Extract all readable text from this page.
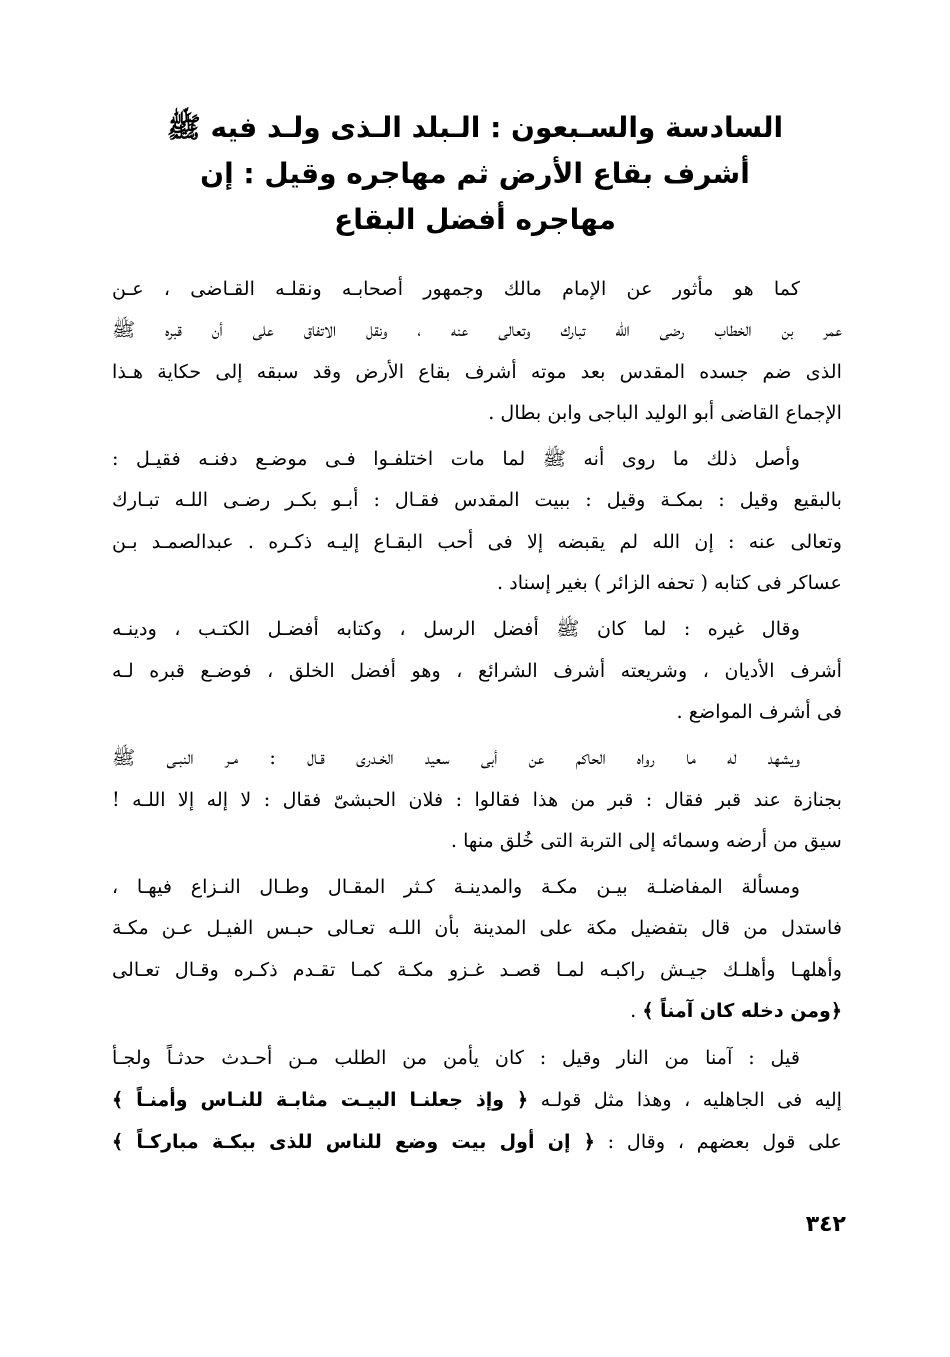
السادسة والسـبعون : الـبلد الـذى ولـد فيه ﷺ
أشرف بقاع الأرض ثم مهاجره وقيل : إن
مهاجره أفضل البقاع
كما هو مأثور عن الإمام مالك وجمهور أصحابـه ونقلـه القـاضى ، عـن
عمر بن الخطاب رضى الله تبارك وتعالى عنه ، ونقل الاتفاق على أن قبره ﷺ
الذى ضم جسده المقدس بعد موته أشرف بقاع الأرض وقد سبقه إلى حكاية هـذا
الإجماع القاضى أبو الوليد الباجى وابن بطال .
وأصل ذلك ما روى أنه ﷺ لما مات اختلفـوا فـى موضـع دفنـه فقيـل :
بالبقيع وقيل : بمكـة وقيل : ببيت المقدس فقـال : أبـو بكـر رضـى اللـه تبـارك
وتعالى عنه : إن الله لم يقبضه إلا فى أحب البقـاع إليـه ذكـره . عبدالصمـد بـن
عساكر فى كتابه ( تحفه الزائر ) بغير إسناد .
وقال غيره : لما كان ﷺ أفضل الرسل ، وكتابه أفضـل الكتـب ، ودينـه
أشرف الأديان ، وشريعته أشرف الشرائع ، وهو أفضل الخلق ، فوضـع قبره لـه
فى أشرف المواضع .
ويشهد له ما رواه الحاكم عن أبى سعيد الخـدرى قـال : مـر النبـى ﷺ
بجنازة عند قبر فقال : قبر من هذا فقالوا : فلان الحبشىّ فقال : لا إله إلا اللـه !
سيق من أرضه وسمائه إلى التربة التى خُلق منها .
ومسألة المفاضلـة بيـن مكـة والمدينـة كـثر المقـال وطـال النـزاع فيهـا ،
فاستدل من قال بتفضيل مكة على المدينة بأن اللـه تعـالى حبـس الفيـل عـن مكـة
وأهلهـا وأهلـك جيـش راكبـه لمـا قصـد غـزو مكـة كمـا تقـدم ذكـره وقـال تعـالى
﴿ومن دخله كان آمناً ﴾ .
قيل : آمنا من النار وقيل : كان يأمن من الطلب مـن أحـدث حدثـاً ولجـأ
إليه فى الجاهليه ، وهذا مثل قولـه ﴿ وإذ جعلنـا البيـت مثابـة للنـاس وأمنـاً ﴾
على قول بعضهم ، وقال : ﴿ إن أول بيت وضع للناس للذى ببكـة مباركـاً ﴾
٣٤٢
